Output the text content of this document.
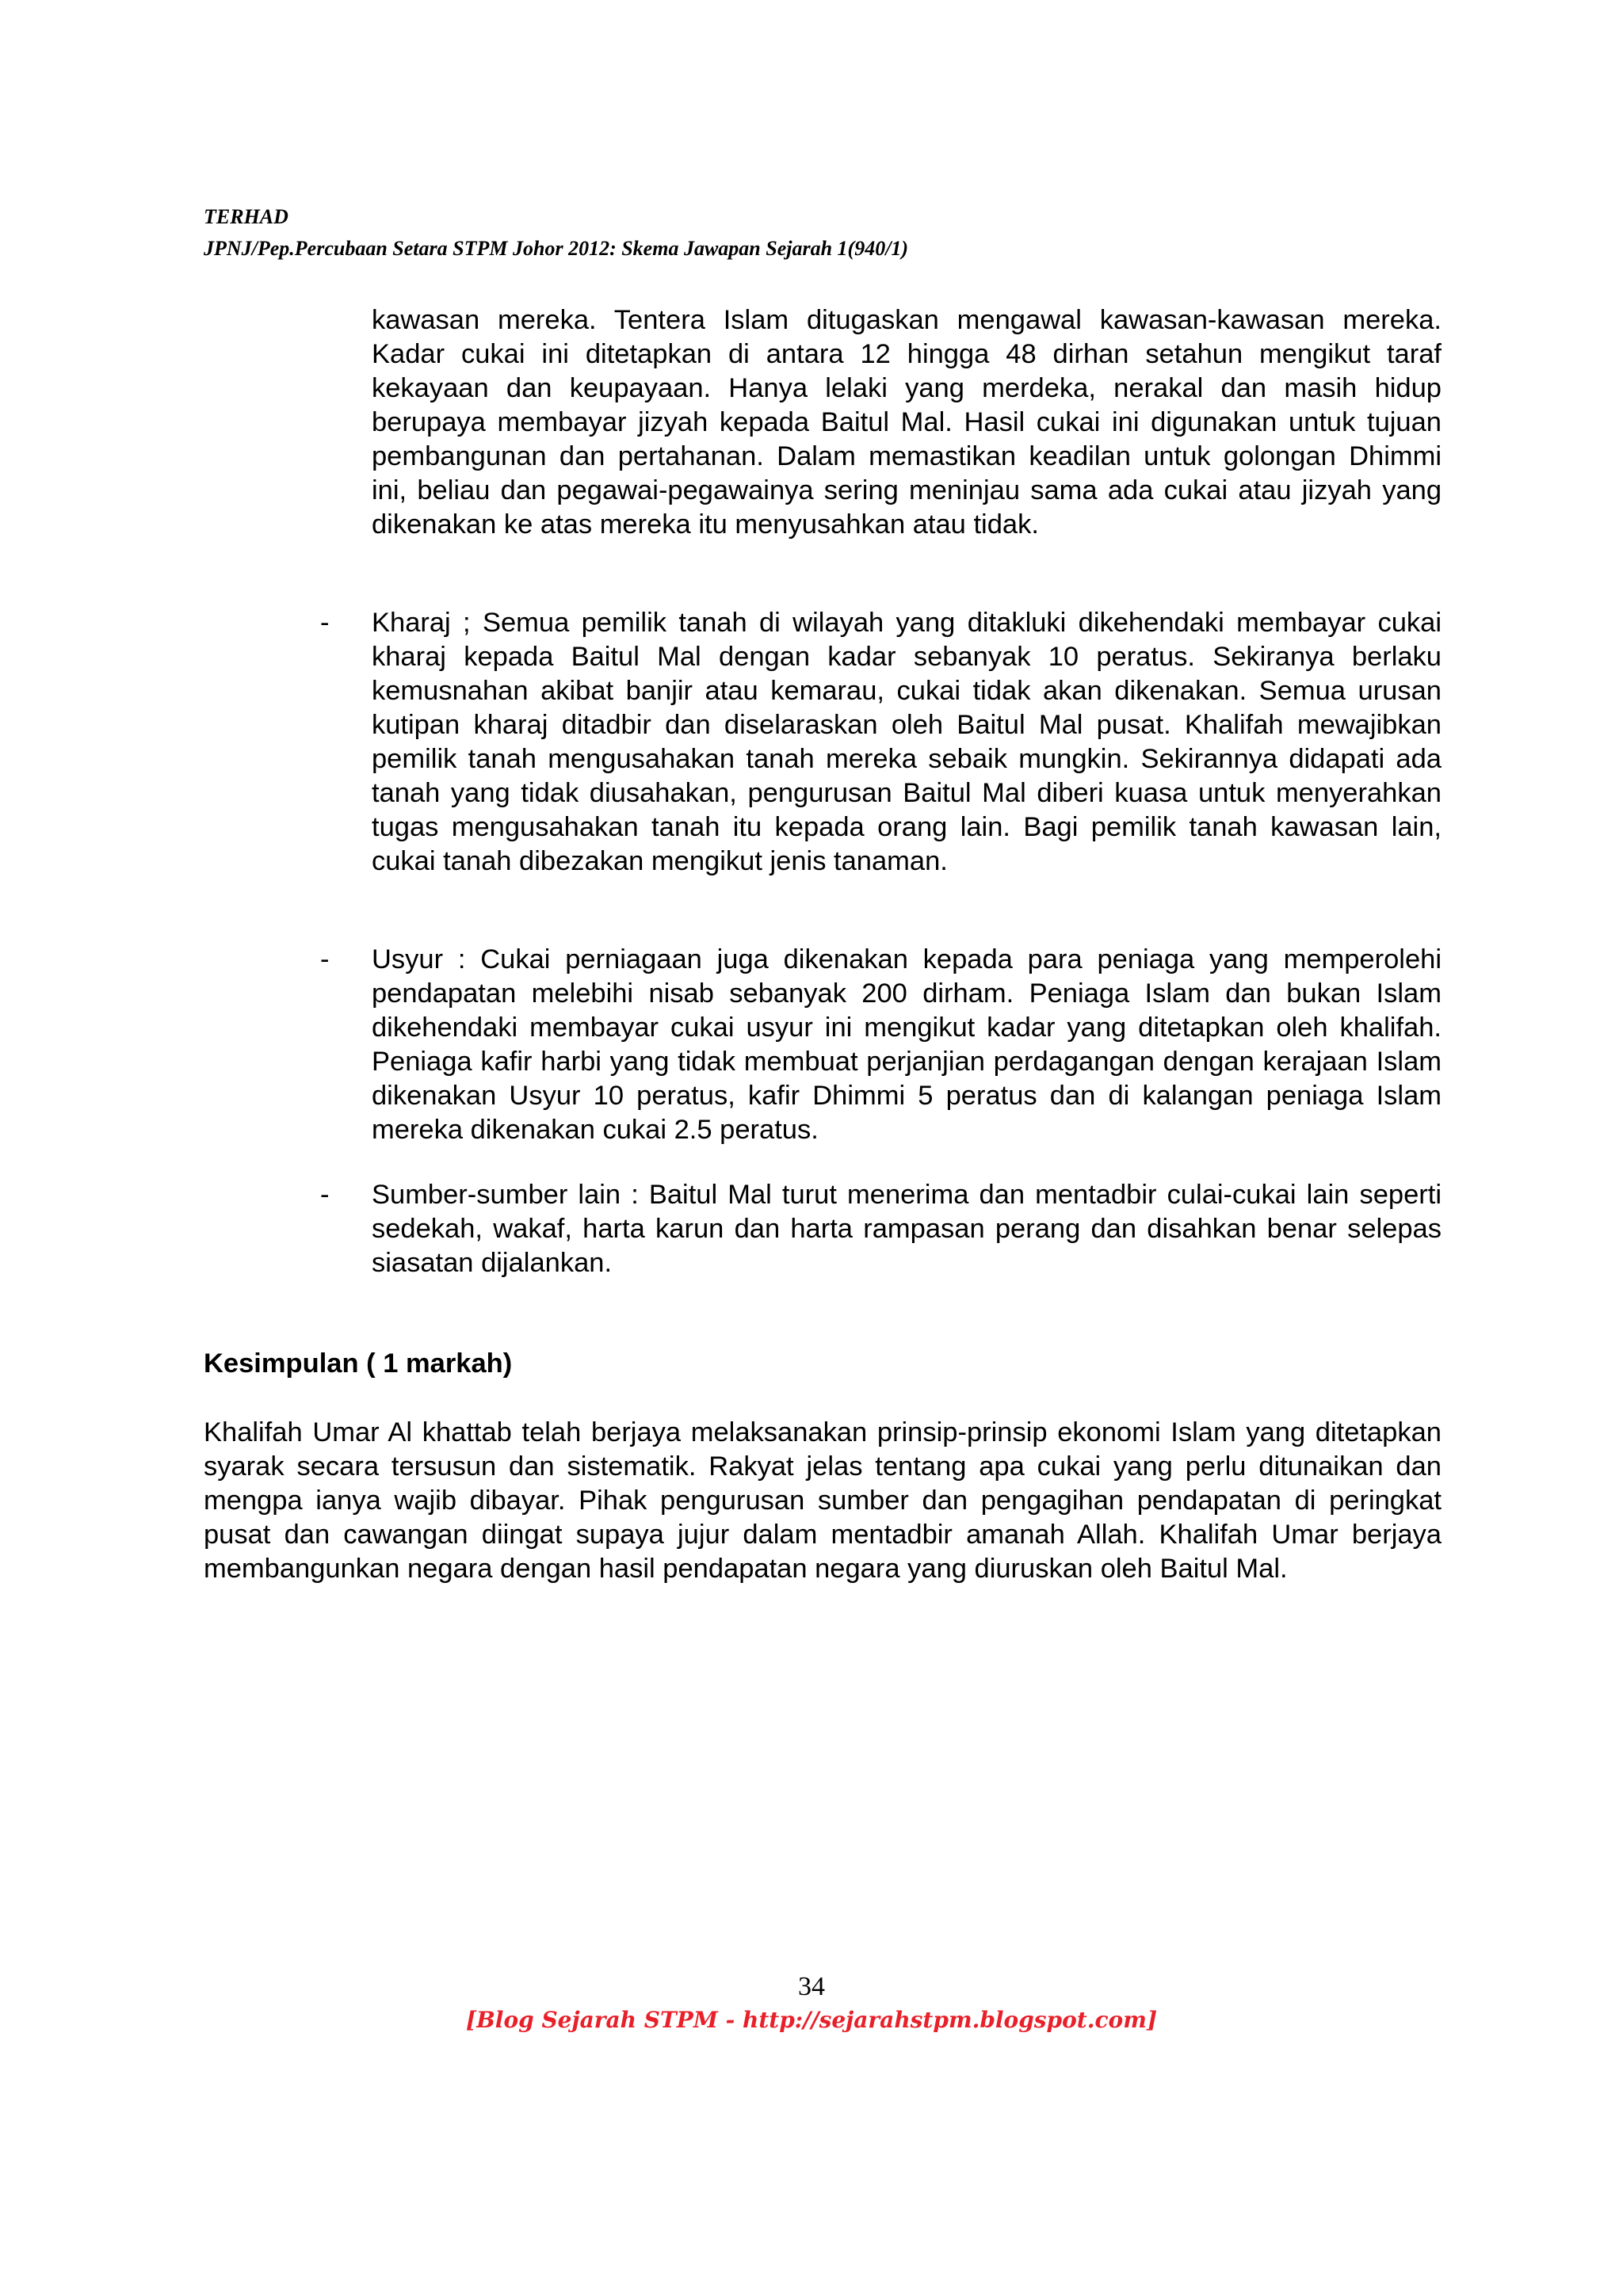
TERHAD
JPNJ/Pep.Percubaan Setara STPM Johor 2012: Skema Jawapan Sejarah 1(940/1)
kawasan mereka. Tentera Islam ditugaskan mengawal kawasan-kawasan mereka. Kadar cukai ini ditetapkan di antara 12 hingga 48 dirhan setahun mengikut taraf kekayaan dan keupayaan. Hanya lelaki yang merdeka, nerakal dan masih hidup berupaya membayar jizyah kepada Baitul Mal. Hasil cukai ini digunakan untuk tujuan pembangunan dan pertahanan. Dalam memastikan keadilan untuk golongan Dhimmi ini, beliau dan pegawai-pegawainya sering meninjau sama ada cukai atau jizyah yang dikenakan ke atas mereka itu menyusahkan atau tidak.
-	Kharaj ; Semua pemilik tanah di wilayah yang ditakluki dikehendaki membayar cukai kharaj kepada Baitul Mal dengan kadar sebanyak 10 peratus. Sekiranya berlaku kemusnahan akibat banjir atau kemarau, cukai tidak akan dikenakan. Semua urusan kutipan kharaj ditadbir dan diselaraskan oleh Baitul Mal pusat. Khalifah mewajibkan pemilik tanah mengusahakan tanah mereka sebaik mungkin. Sekirannya didapati ada tanah yang tidak diusahakan, pengurusan Baitul Mal diberi kuasa untuk menyerahkan tugas mengusahakan tanah itu kepada orang lain. Bagi pemilik tanah kawasan lain, cukai tanah dibezakan mengikut jenis tanaman.
-	Usyur : Cukai perniagaan juga dikenakan kepada para peniaga yang memperolehi pendapatan melebihi nisab sebanyak 200 dirham. Peniaga Islam dan bukan Islam dikehendaki membayar cukai usyur ini mengikut kadar yang ditetapkan oleh khalifah. Peniaga kafir harbi yang tidak membuat perjanjian perdagangan dengan kerajaan Islam dikenakan Usyur 10 peratus, kafir Dhimmi 5 peratus dan di kalangan peniaga Islam mereka dikenakan cukai 2.5 peratus.
-	Sumber-sumber lain : Baitul Mal turut menerima dan mentadbir culai-cukai lain seperti sedekah, wakaf, harta karun dan harta rampasan perang dan disahkan benar selepas siasatan dijalankan.
Kesimpulan ( 1 markah)
Khalifah Umar Al khattab telah berjaya melaksanakan prinsip-prinsip ekonomi Islam yang ditetapkan syarak secara tersusun dan sistematik. Rakyat jelas tentang apa cukai yang perlu ditunaikan dan mengpa ianya wajib dibayar. Pihak pengurusan sumber dan pengagihan pendapatan di peringkat pusat dan cawangan diingat supaya jujur dalam mentadbir amanah Allah. Khalifah Umar berjaya membangunkan negara dengan hasil pendapatan negara yang diuruskan oleh Baitul Mal.
34
[Blog Sejarah STPM - http://sejarahstpm.blogspot.com]
